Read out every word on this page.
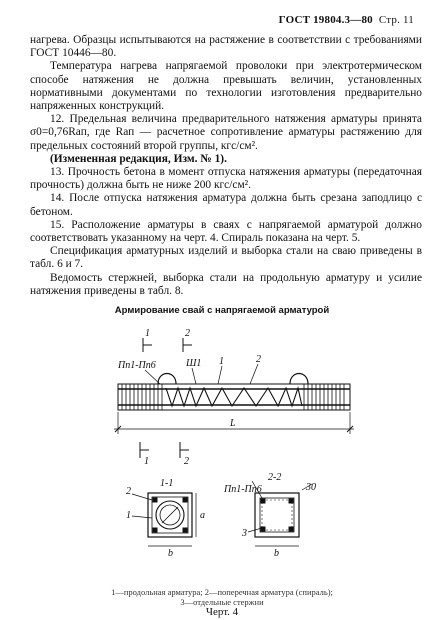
ГОСТ 19804.3—80 Стр. 11

нагрева. Образцы испытываются на растяжение в соответствии с требованиями ГОСТ 10446—80.

Температура нагрева напрягаемой проволоки при электротермическом способе натяжения не должна превышать величин, установленных нормативными документами по технологии изготовления предварительно напряженных конструкций.

12. Предельная величина предварительного натяжения арматуры принята σ0=0,76Rап, где Rап — расчетное сопротивление арматуры растяжению для предельных состояний второй группы, кгс/см².

(Измененная редакция, Изм. № 1).

13. Прочность бетона в момент отпуска натяжения арматуры (передаточная прочность) должна быть не ниже 200 кгс/см².

14. После отпуска натяжения арматура должна быть срезана заподлицо с бетоном.

15. Расположение арматуры в сваях с напрягаемой арматурой должно соответствовать указанному на черт. 4. Спираль показана на черт. 5.

Спецификация арматурных изделий и выборка стали на сваю приведены в табл. 6 и 7.

Ведомость стержней, выборка стали на продольную арматуру и усилие натяжения приведены в табл. 8.

Армирование свай с напрягаемой арматурой
1	2
Пп1-Пп6	Ш1 1	2
L
1	2
1-1
2-2
2
1	a
b
Пп1-Пп6	30
3
b
1—продольная арматура; 2—поперечная арматура (спираль);
3—отдельные стержни
Черт. 4
